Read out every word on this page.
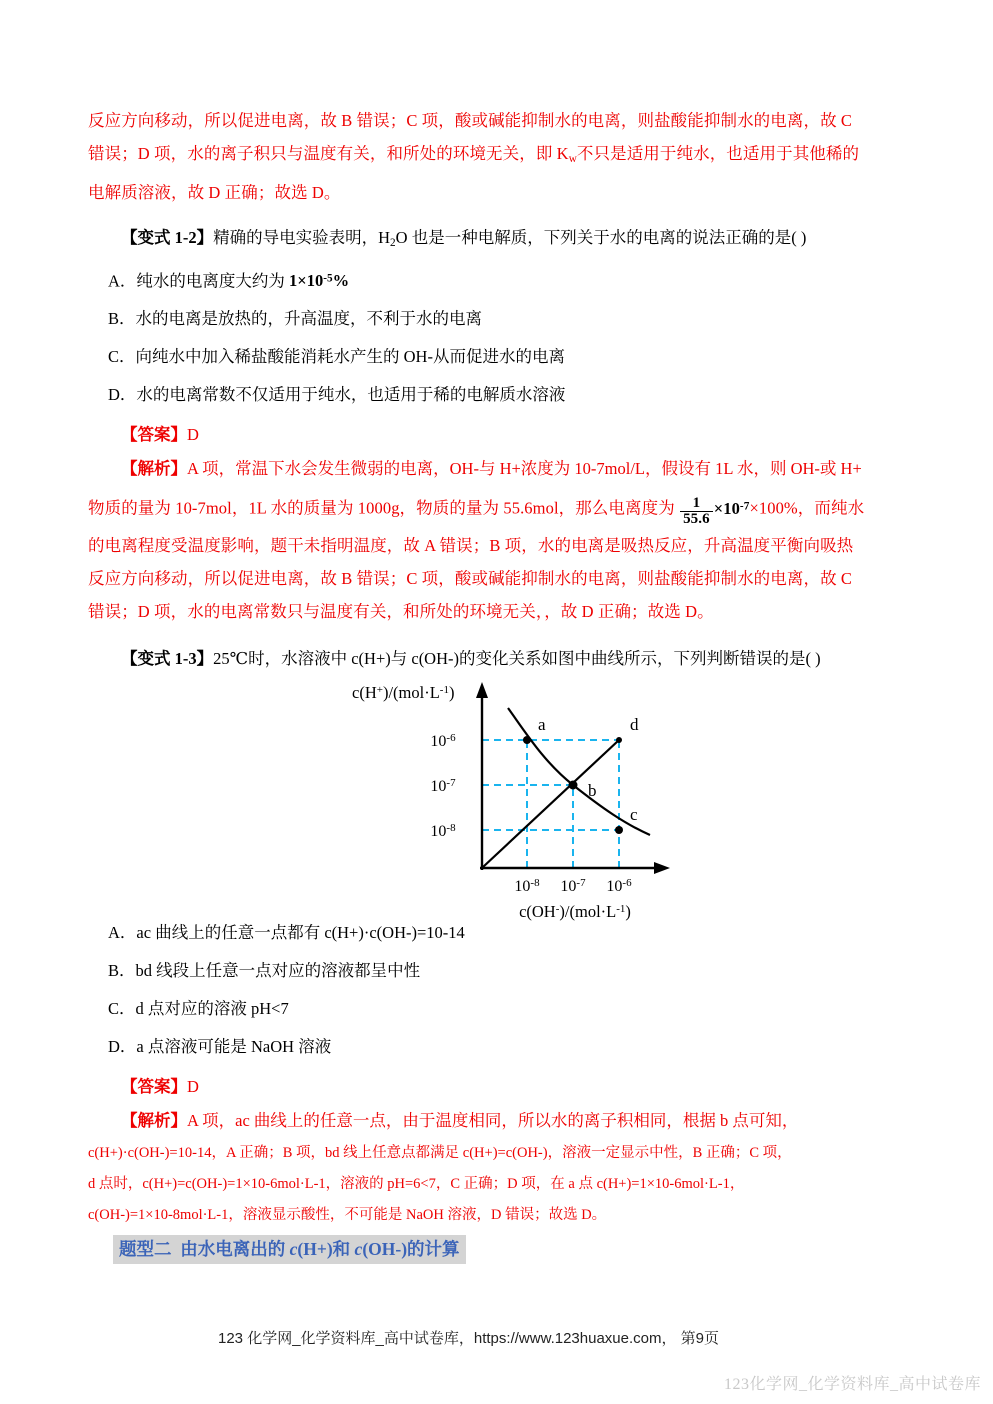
反应方向移动，所以促进电离，故 B 错误；C 项，酸或碱能抑制水的电离，则盐酸能抑制水的电离，故 C

错误；D 项，水的离子积只与温度有关，和所处的环境无关，即 $K_w$不只是适用于纯水，也适用于其他稀的

电解质溶液，故 D 正确；故选 D。

【变式 1-2】精确的导电实验表明，$H_2O$ 也是一种电解质，下列关于水的电离的说法正确的是( )

A．纯水的电离度大约为 $1\times 10^{-5}\%$

B．水的电离是放热的，升高温度，不利于水的电离

C．向纯水中加入稀盐酸能消耗水产生的 OH-从而促进水的电离

D．水的电离常数不仅适用于纯水，也适用于稀的电解质水溶液

【答案】D

【解析】A 项，常温下水会发生微弱的电离，OH-与 H+浓度为 10-7mol/L，假设有 1L 水，则 OH-或 H+

物质的量为 10-7mol，1L 水的质量为 1000g，物质的量为 55.6mol，那么电离度为 $\frac{1}{55.6} \times 10^{-7}\times 100\%$，而纯水

的电离程度受温度影响，题干未指明温度，故 A 错误；B 项，水的电离是吸热反应，升高温度平衡向吸热

反应方向移动，所以促进电离，故 B 错误；C 项，酸或碱能抑制水的电离，则盐酸能抑制水的电离，故 C

错误；D 项，水的电离常数只与温度有关，和所处的环境无关，，故 D 正确；故选 D。

【变式 1-3】25℃时，水溶液中 c(H+)与 c(OH-)的变化关系如图中曲线所示，下列判断错误的是( )

A．ac 曲线上的任意一点都有 c(H+)·c(OH-)=10-14

B．bd 线段上任意一点对应的溶液都呈中性

C．d 点对应的溶液 pH<7

D．a 点溶液可能是 NaOH 溶液

【答案】D

【解析】A 项，ac 曲线上的任意一点，由于温度相同，所以水的离子积相同，根据 b 点可知，

c(H+)·c(OH-)=10-14，A 正确；B 项，bd 线上任意点都满足 c(H+)=c(OH-)，溶液一定显示中性，B 正确；C 项，

d 点时，c(H+)=c(OH-)=1×10-6mol·L-1，溶液的 pH=6<7，C 正确；D 项，在 a 点 c(H+)=1×10-6mol·L-1，

c(OH-)=1×10-8mol·L-1，溶液显示酸性，不可能是 NaOH 溶液，D 错误；故选 D。

$c(H^+)/(mol\cdot L^{-1})$
a
b
c
d
$10^{-6}$
$10^{-7}$
$10^{-8}$
$10^{-8}$ $10^{-7}$ $10^{-6}$
$c(OH^-)/(mol\cdot L^{-1})$
题型二 由水电离出的 c(H+)和 c(OH-)的计算
123 化学网_化学资料库_高中试卷库，https://www.123huaxue.com， 第9页
123化学网_化学资料库_高中试卷库
